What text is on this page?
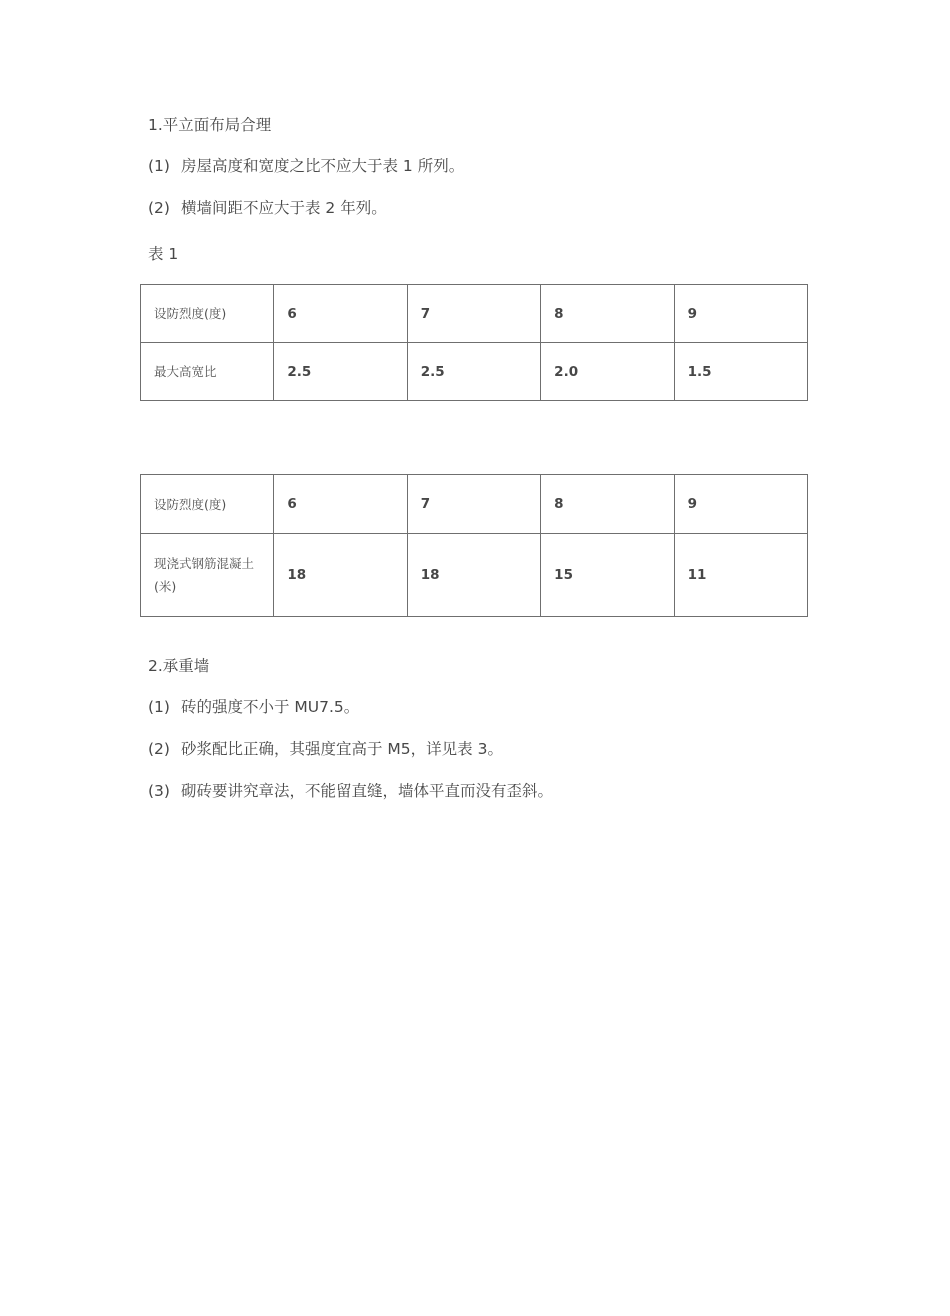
1.平立面布局合理
(1) 房屋高度和宽度之比不应大于表 1 所列。
(2) 横墙间距不应大于表 2 年列。
表 1
设防烈度(度)	6	7	8	9
最大高宽比	2.5	2.5	2.0	1.5
设防烈度(度)	6	7	8	9
现浇式钢筋混凝土(米)	18	18	15	11
2.承重墙
(1) 砖的强度不小于 MU7.5。
(2) 砂浆配比正确，其强度宜高于 M5，详见表 3。
(3) 砌砖要讲究章法，不能留直缝，墙体平直而没有歪斜。
